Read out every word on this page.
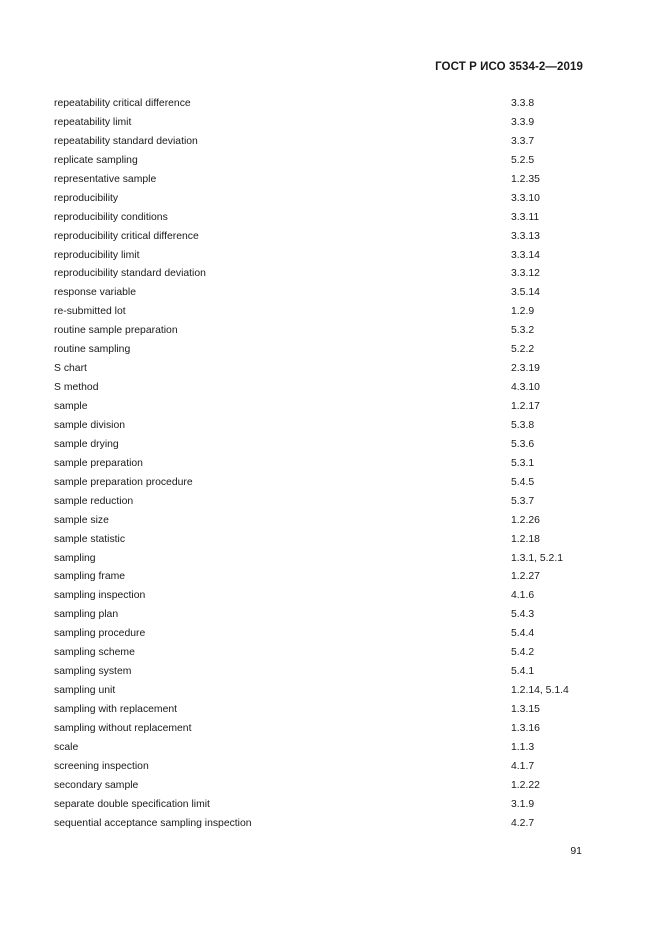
ГОСТ Р ИСО 3534-2—2019
repeatability critical difference	3.3.8
repeatability limit	3.3.9
repeatability standard deviation	3.3.7
replicate sampling	5.2.5
representative sample	1.2.35
reproducibility	3.3.10
reproducibility conditions	3.3.11
reproducibility critical difference	3.3.13
reproducibility limit	3.3.14
reproducibility standard deviation	3.3.12
response variable	3.5.14
re-submitted lot	1.2.9
routine sample preparation	5.3.2
routine sampling	5.2.2
S chart	2.3.19
S method	4.3.10
sample	1.2.17
sample division	5.3.8
sample drying	5.3.6
sample preparation	5.3.1
sample preparation procedure	5.4.5
sample reduction	5.3.7
sample size	1.2.26
sample statistic	1.2.18
sampling	1.3.1, 5.2.1
sampling frame	1.2.27
sampling inspection	4.1.6
sampling plan	5.4.3
sampling procedure	5.4.4
sampling scheme	5.4.2
sampling system	5.4.1
sampling unit	1.2.14, 5.1.4
sampling with replacement	1.3.15
sampling without replacement	1.3.16
scale	1.1.3
screening inspection	4.1.7
secondary sample	1.2.22
separate double specification limit	3.1.9
sequential acceptance sampling inspection	4.2.7
91
